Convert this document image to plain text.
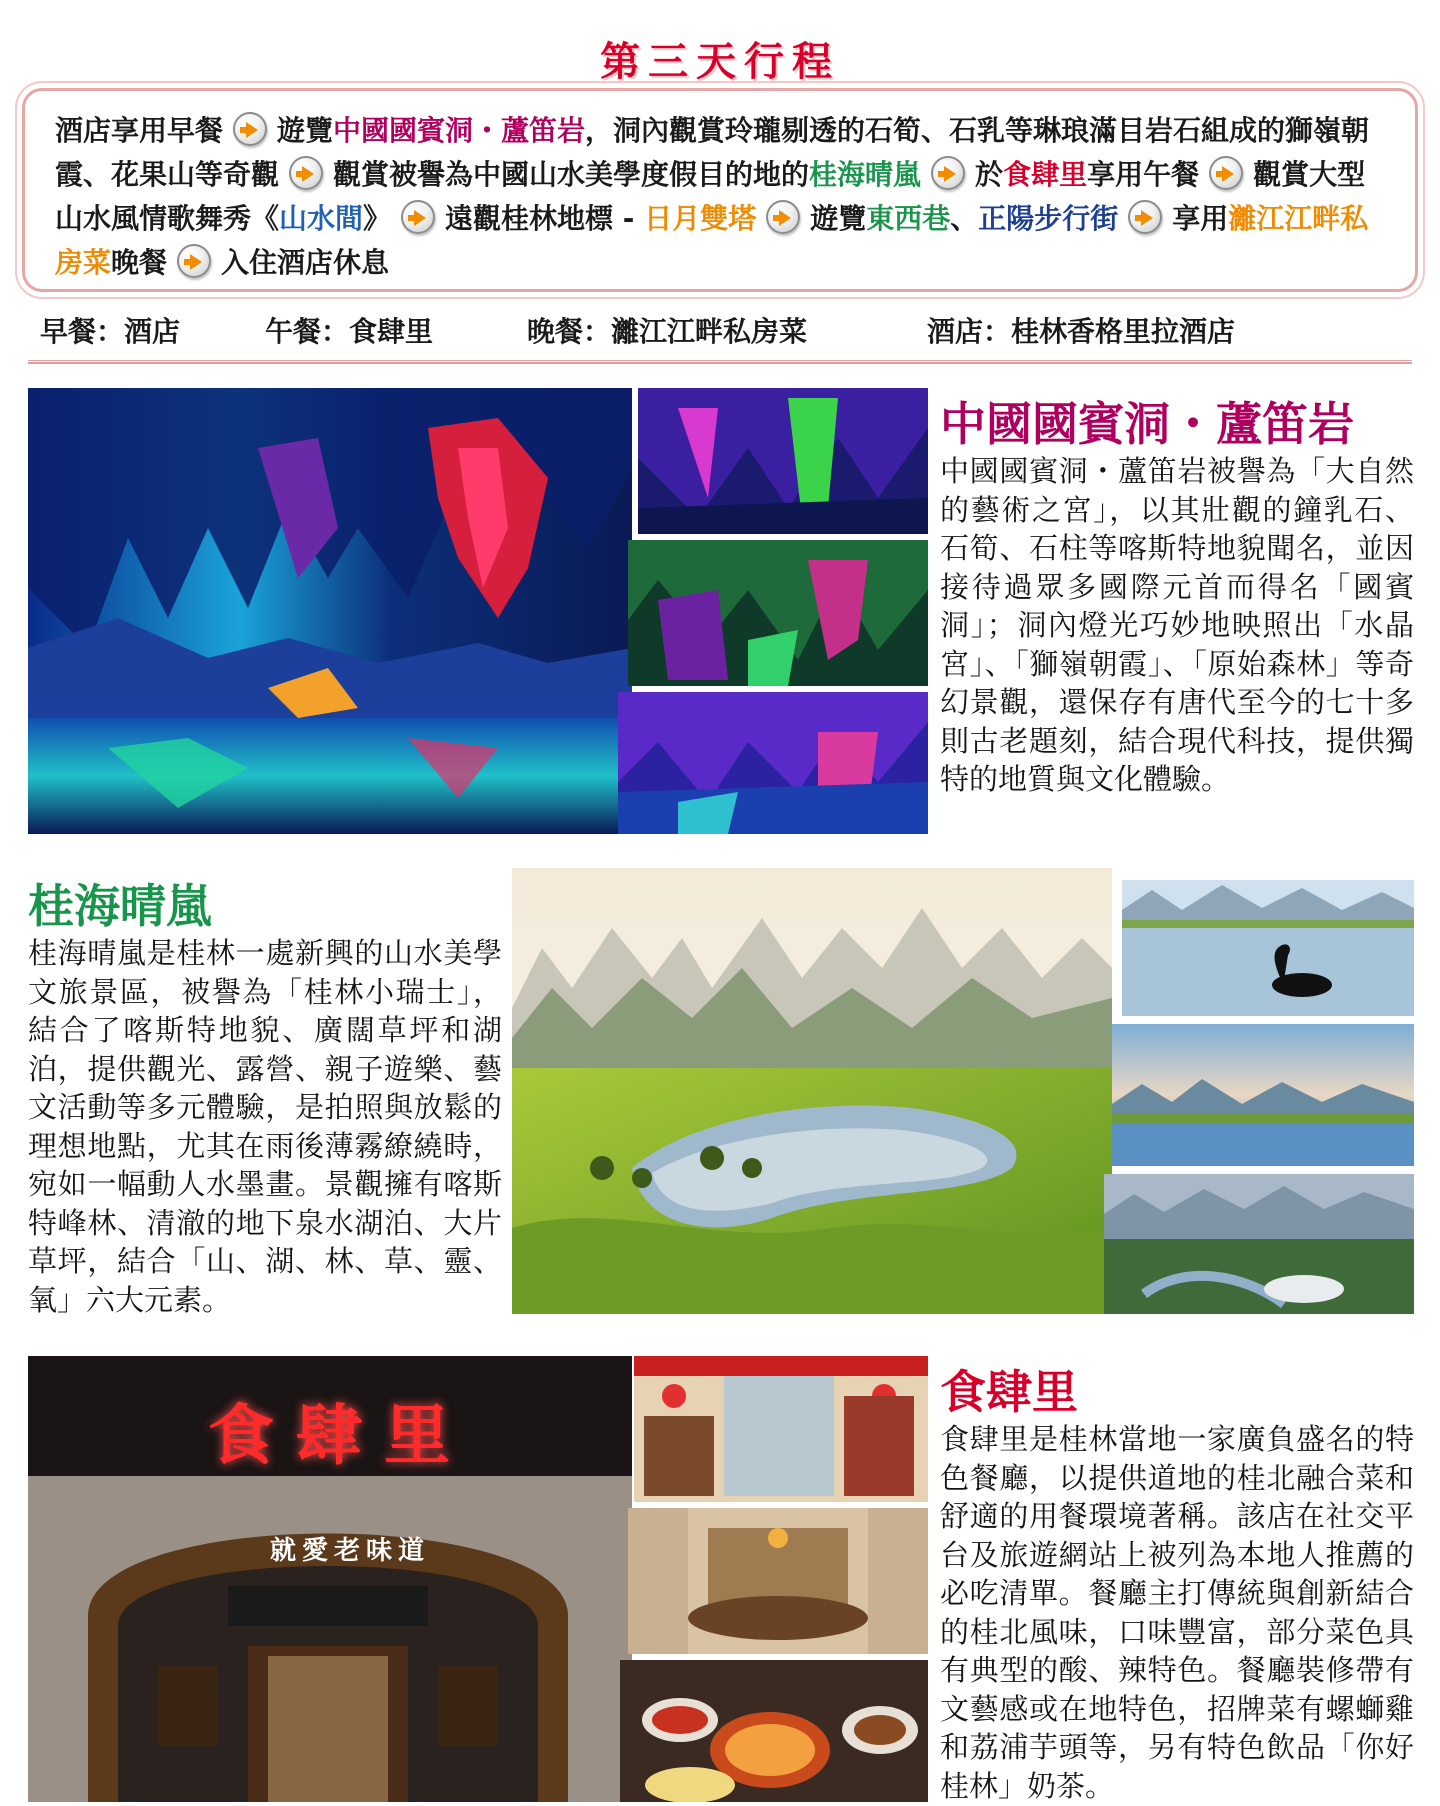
第三天行程
酒店享用早餐 遊覽中國國賓洞・蘆笛岩，洞內觀賞玲瓏剔透的石筍、石乳等琳琅滿目岩石組成的獅嶺朝霞、花果山等奇觀 觀賞被譽為中國山水美學度假目的地的桂海晴嵐 於食肆里享用午餐 觀賞大型山水風情歌舞秀《山水間》 遠觀桂林地標 - 日月雙塔 遊覽東西巷、正陽步行街 享用灕江江畔私房菜晚餐 入住酒店休息
早餐：酒店	午餐：食肆里	晚餐：灕江江畔私房菜	酒店：桂林香格里拉酒店
中國國賓洞・蘆笛岩
中國國賓洞・蘆笛岩被譽為「大自然的藝術之宮」，以其壯觀的鐘乳石、石筍、石柱等喀斯特地貌聞名，並因接待過眾多國際元首而得名「國賓洞」；洞內燈光巧妙地映照出「水晶宮」、「獅嶺朝霞」、「原始森林」等奇幻景觀，還保存有唐代至今的七十多則古老題刻，結合現代科技，提供獨特的地質與文化體驗。
桂海晴嵐
桂海晴嵐是桂林一處新興的山水美學文旅景區，被譽為「桂林小瑞士」，結合了喀斯特地貌、廣闊草坪和湖泊，提供觀光、露營、親子遊樂、藝文活動等多元體驗，是拍照與放鬆的理想地點，尤其在雨後薄霧繚繞時，宛如一幅動人水墨畫。景觀擁有喀斯特峰林、清澈的地下泉水湖泊、大片草坪，結合「山、湖、林、草、靈、氧」六大元素。
食肆里
就愛老味道
食肆里
食肆里是桂林當地一家廣負盛名的特色餐廳，以提供道地的桂北融合菜和舒適的用餐環境著稱。該店在社交平台及旅遊網站上被列為本地人推薦的必吃清單。餐廳主打傳統與創新結合的桂北風味，口味豐富，部分菜色具有典型的酸、辣特色。餐廳裝修帶有文藝感或在地特色，招牌菜有螺螄雞和荔浦芋頭等，另有特色飲品「你好桂林」奶茶。
